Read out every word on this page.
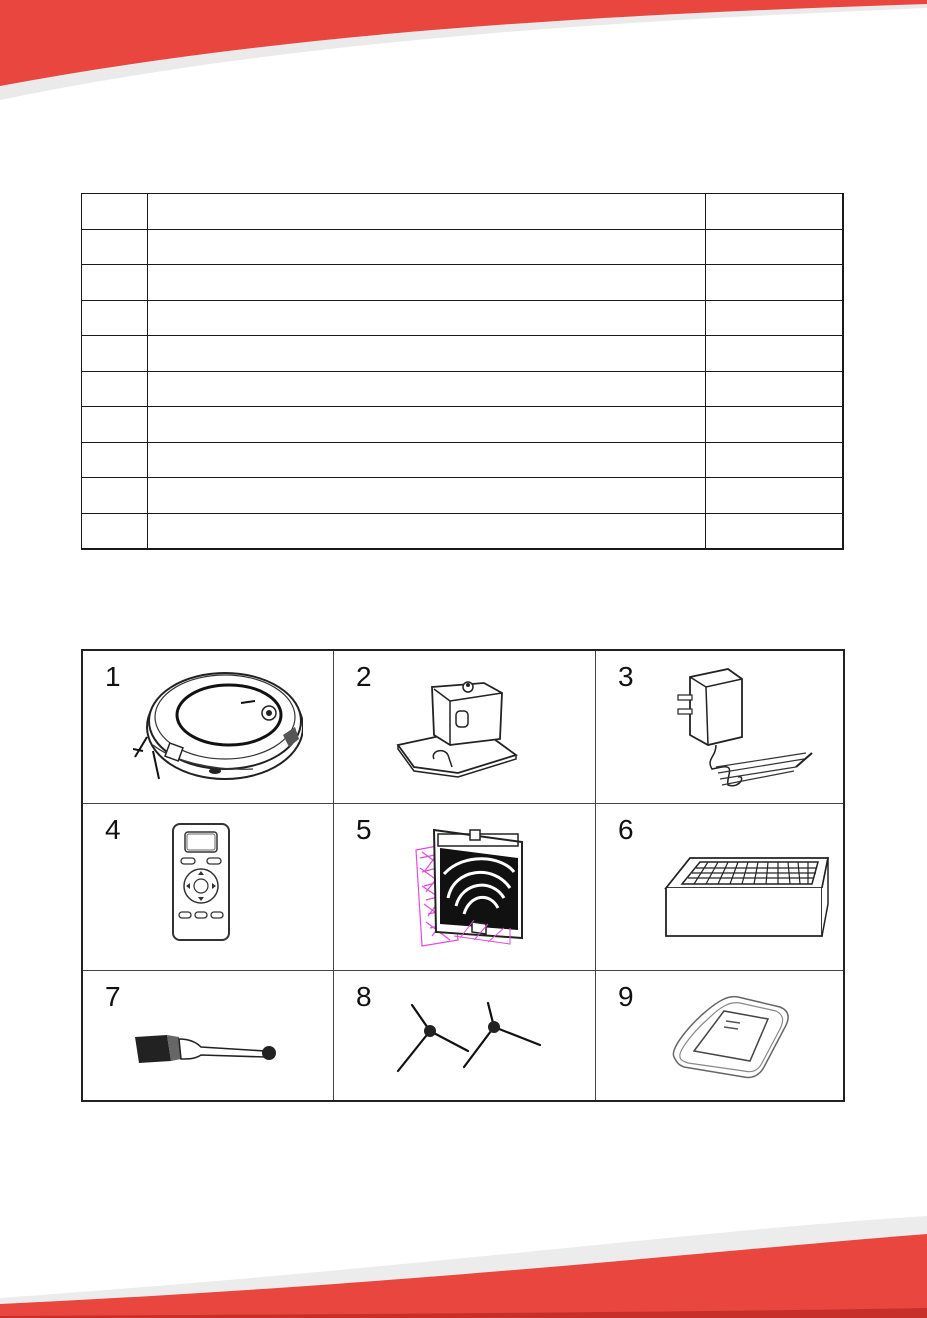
1	2	3
4	5	6
7	8	9
